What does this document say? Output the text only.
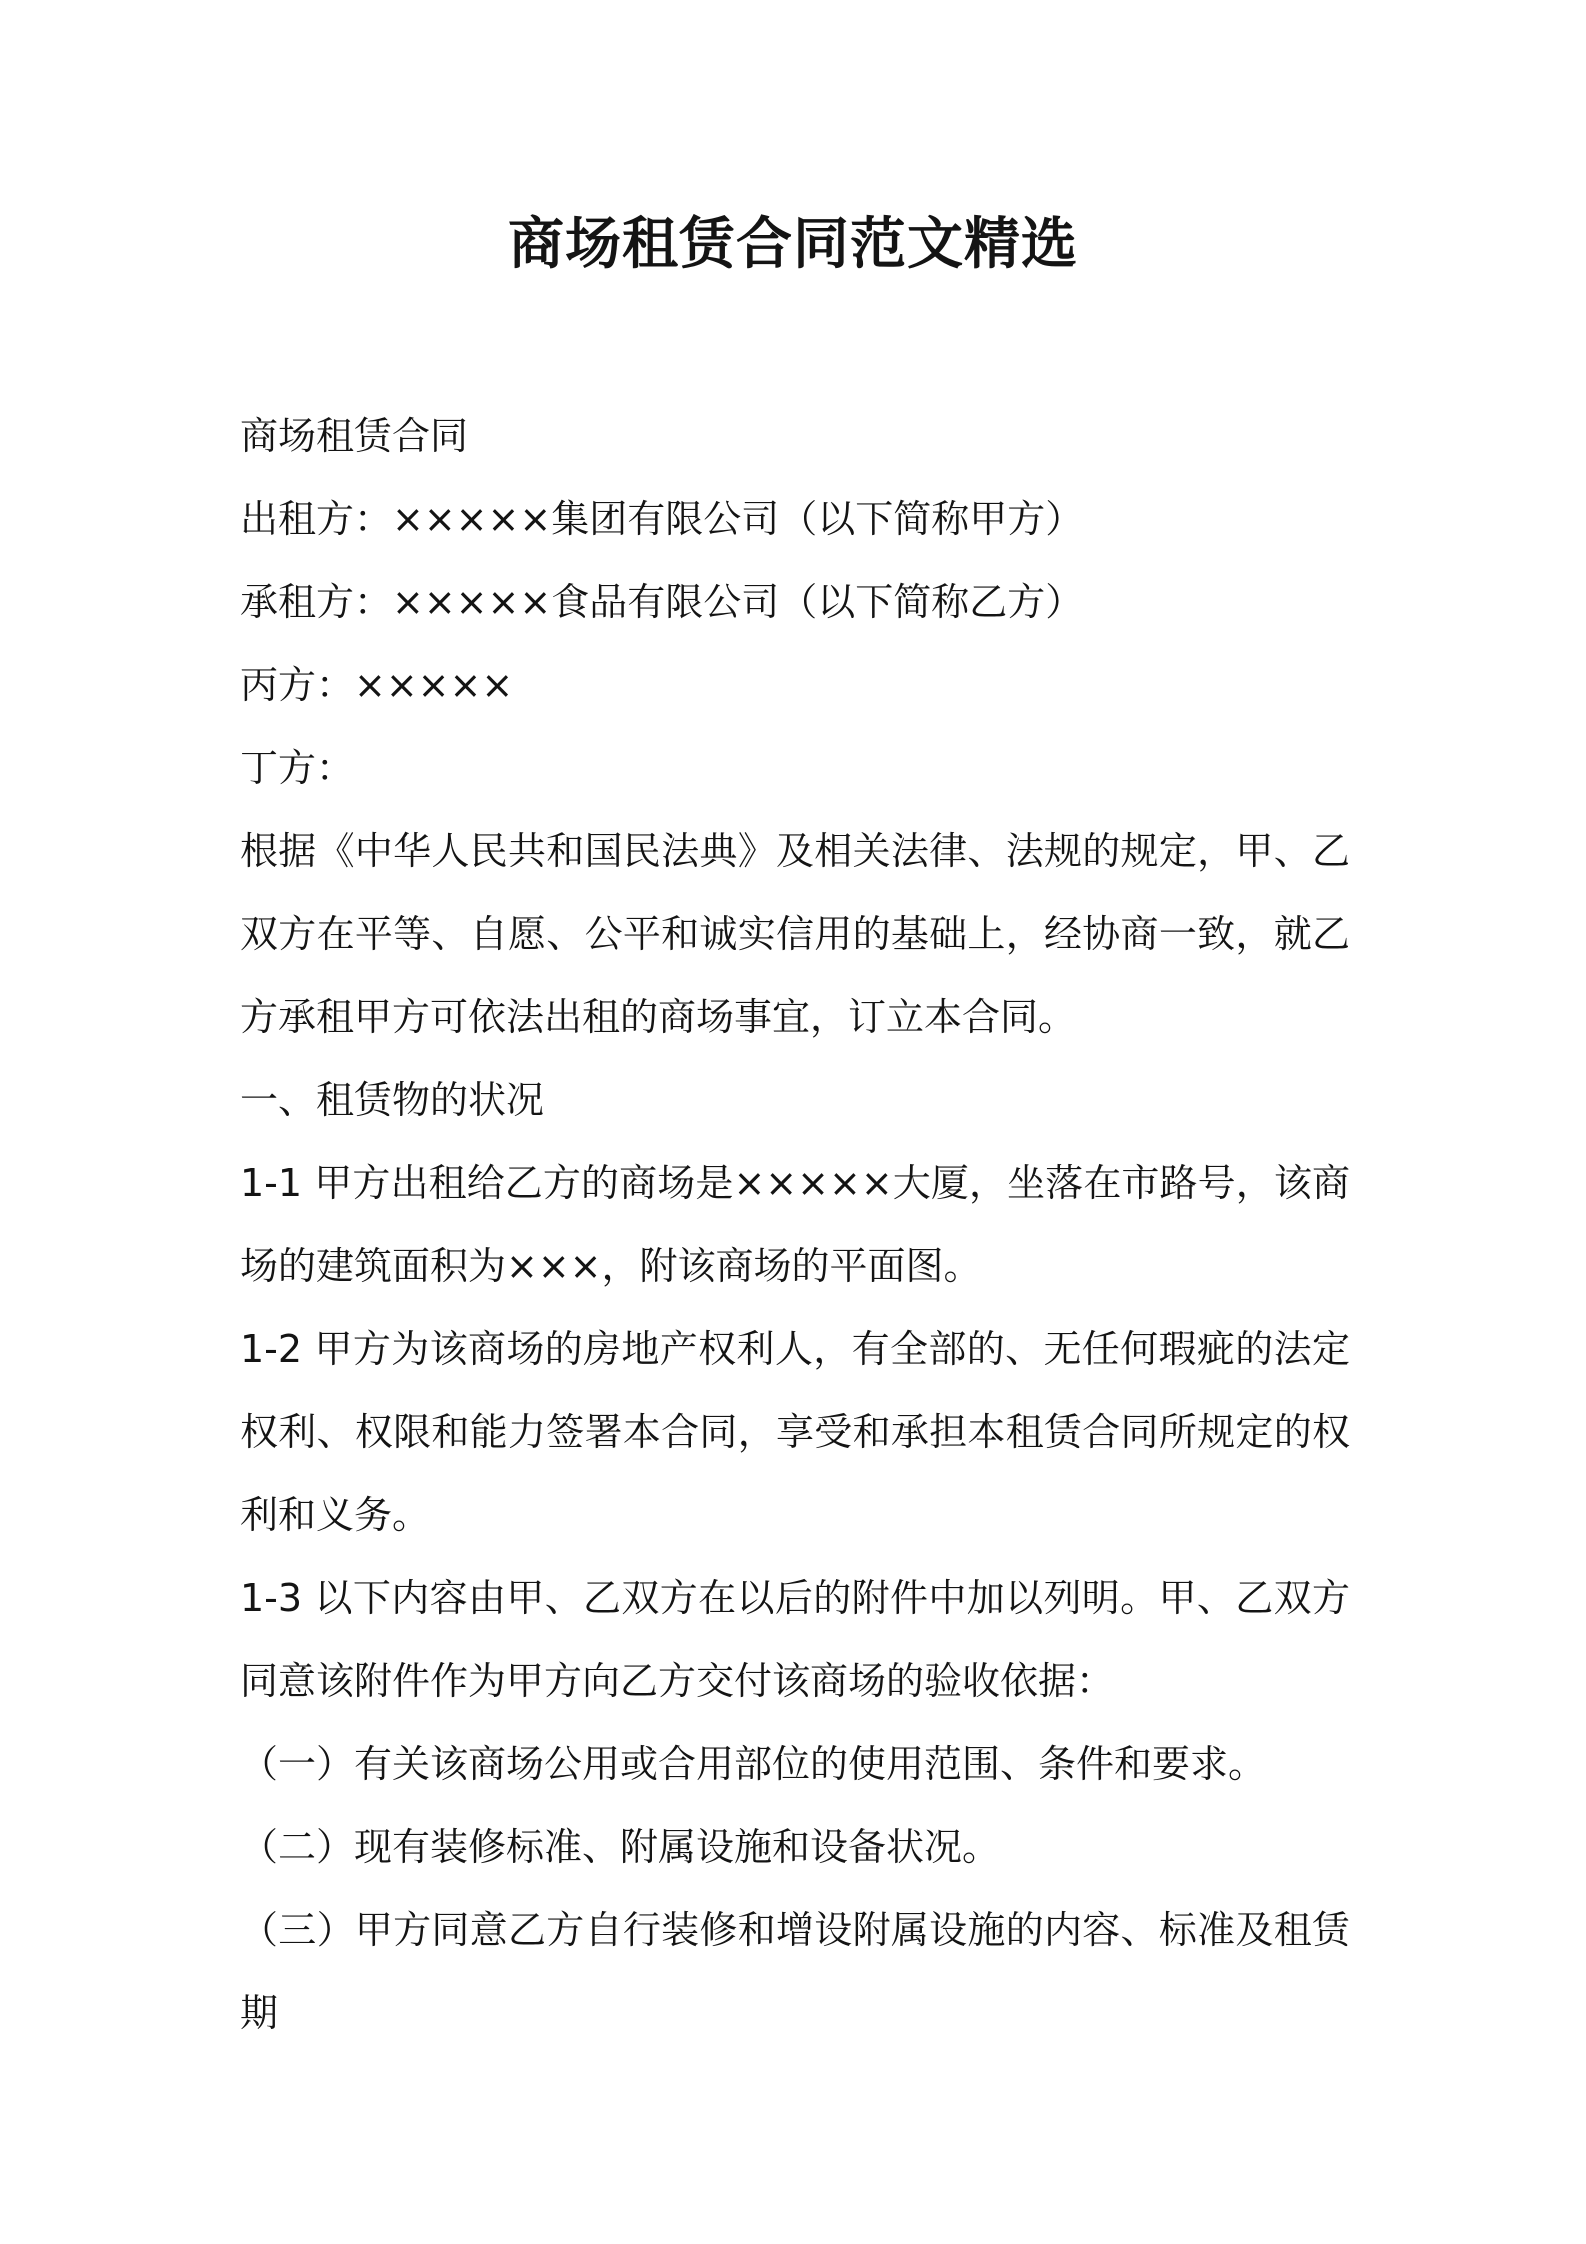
商场租赁合同范文精选

商场租赁合同

出租方：×××××集团有限公司（以下简称甲方）

承租方：×××××食品有限公司（以下简称乙方）

丙方：×××××

丁方：

根据《中华人民共和国民法典》及相关法律、法规的规定，甲、乙双方在平等、自愿、公平和诚实信用的基础上，经协商一致，就乙方承租甲方可依法出租的商场事宜，订立本合同。

一、租赁物的状况

1-1 甲方出租给乙方的商场是×××××大厦，坐落在市路号，该商场的建筑面积为×××，附该商场的平面图。

1-2 甲方为该商场的房地产权利人，有全部的、无任何瑕疵的法定权利、权限和能力签署本合同，享受和承担本租赁合同所规定的权利和义务。

1-3 以下内容由甲、乙双方在以后的附件中加以列明。甲、乙双方同意该附件作为甲方向乙方交付该商场的验收依据：

（一）有关该商场公用或合用部位的使用范围、条件和要求。

（二）现有装修标准、附属设施和设备状况。

（三）甲方同意乙方自行装修和增设附属设施的内容、标准及租赁期
